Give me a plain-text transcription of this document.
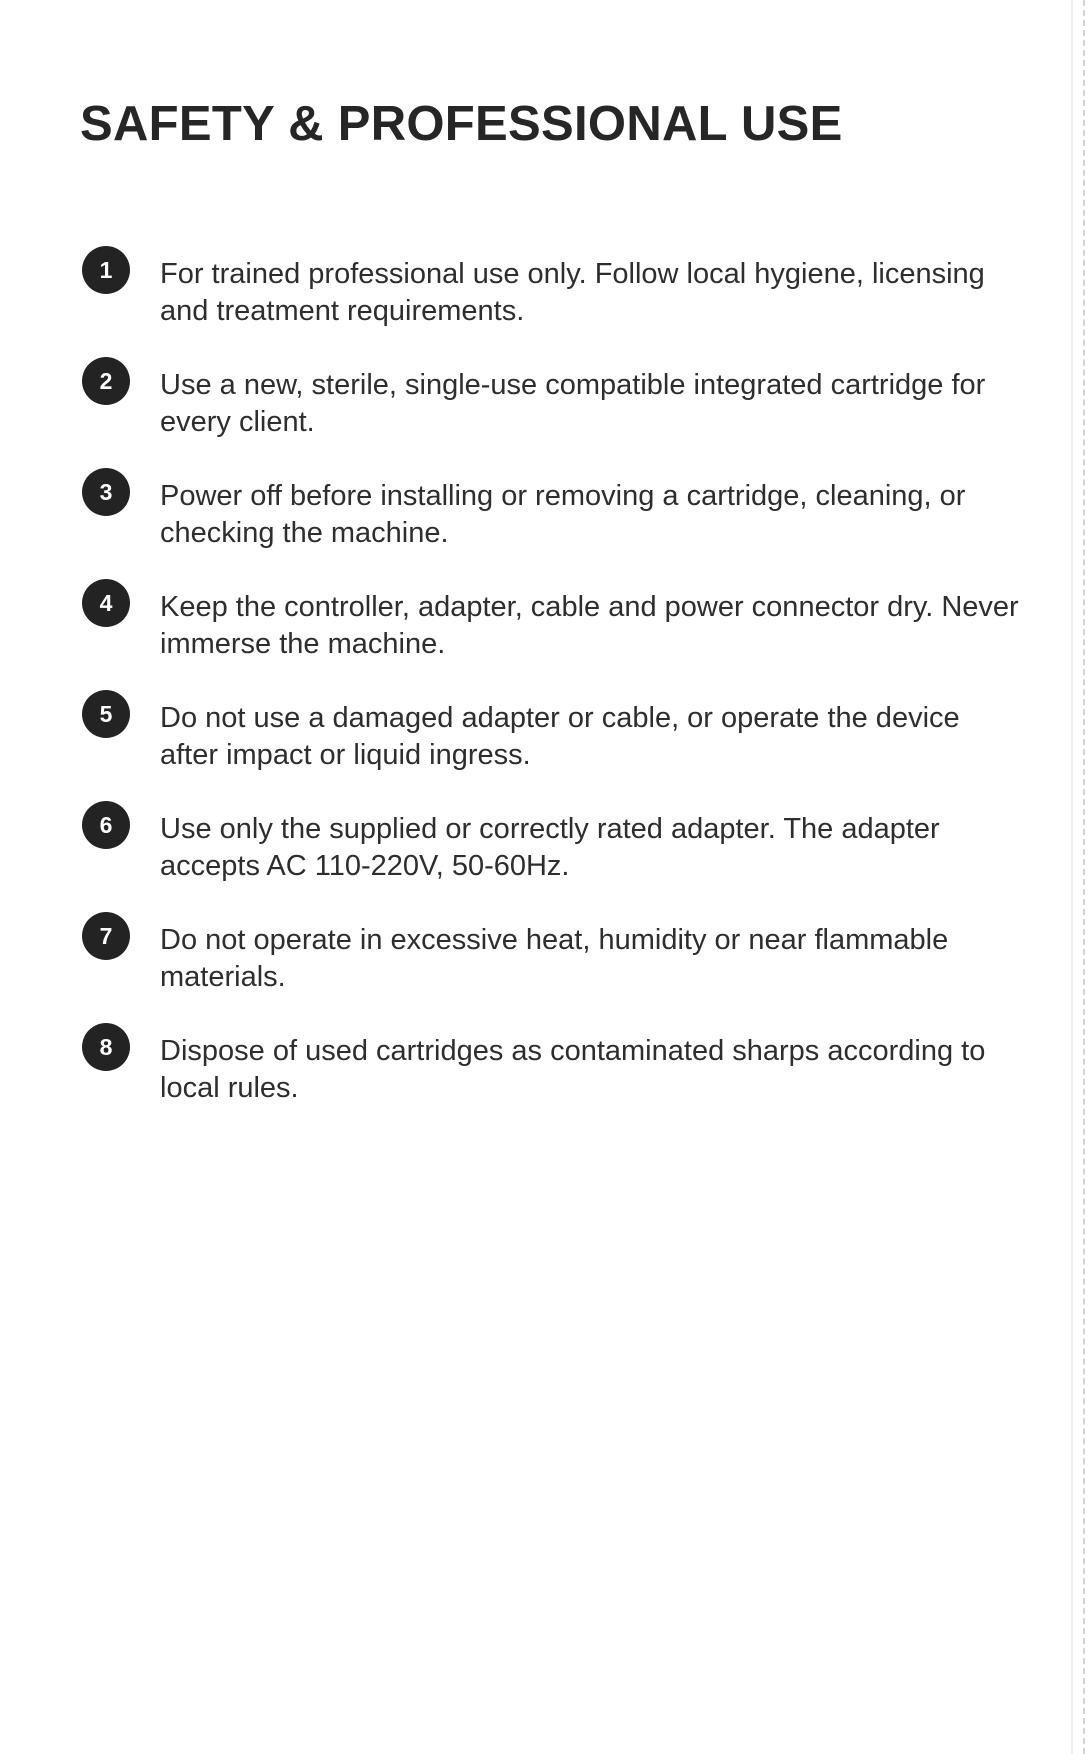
SAFETY & PROFESSIONAL USE
1	For trained professional use only. Follow local hygiene, licensing and treatment requirements.

2	Use a new, sterile, single-use compatible integrated cartridge for every client.

3	Power off before installing or removing a cartridge, cleaning, or checking the machine.

4	Keep the controller, adapter, cable and power connector dry. Never immerse the machine.

5	Do not use a damaged adapter or cable, or operate the device after impact or liquid ingress.

6	Use only the supplied or correctly rated adapter. The adapter accepts AC 110-220V, 50-60Hz.

7	Do not operate in excessive heat, humidity or near flammable materials.

8	Dispose of used cartridges as contaminated sharps according to local rules.
